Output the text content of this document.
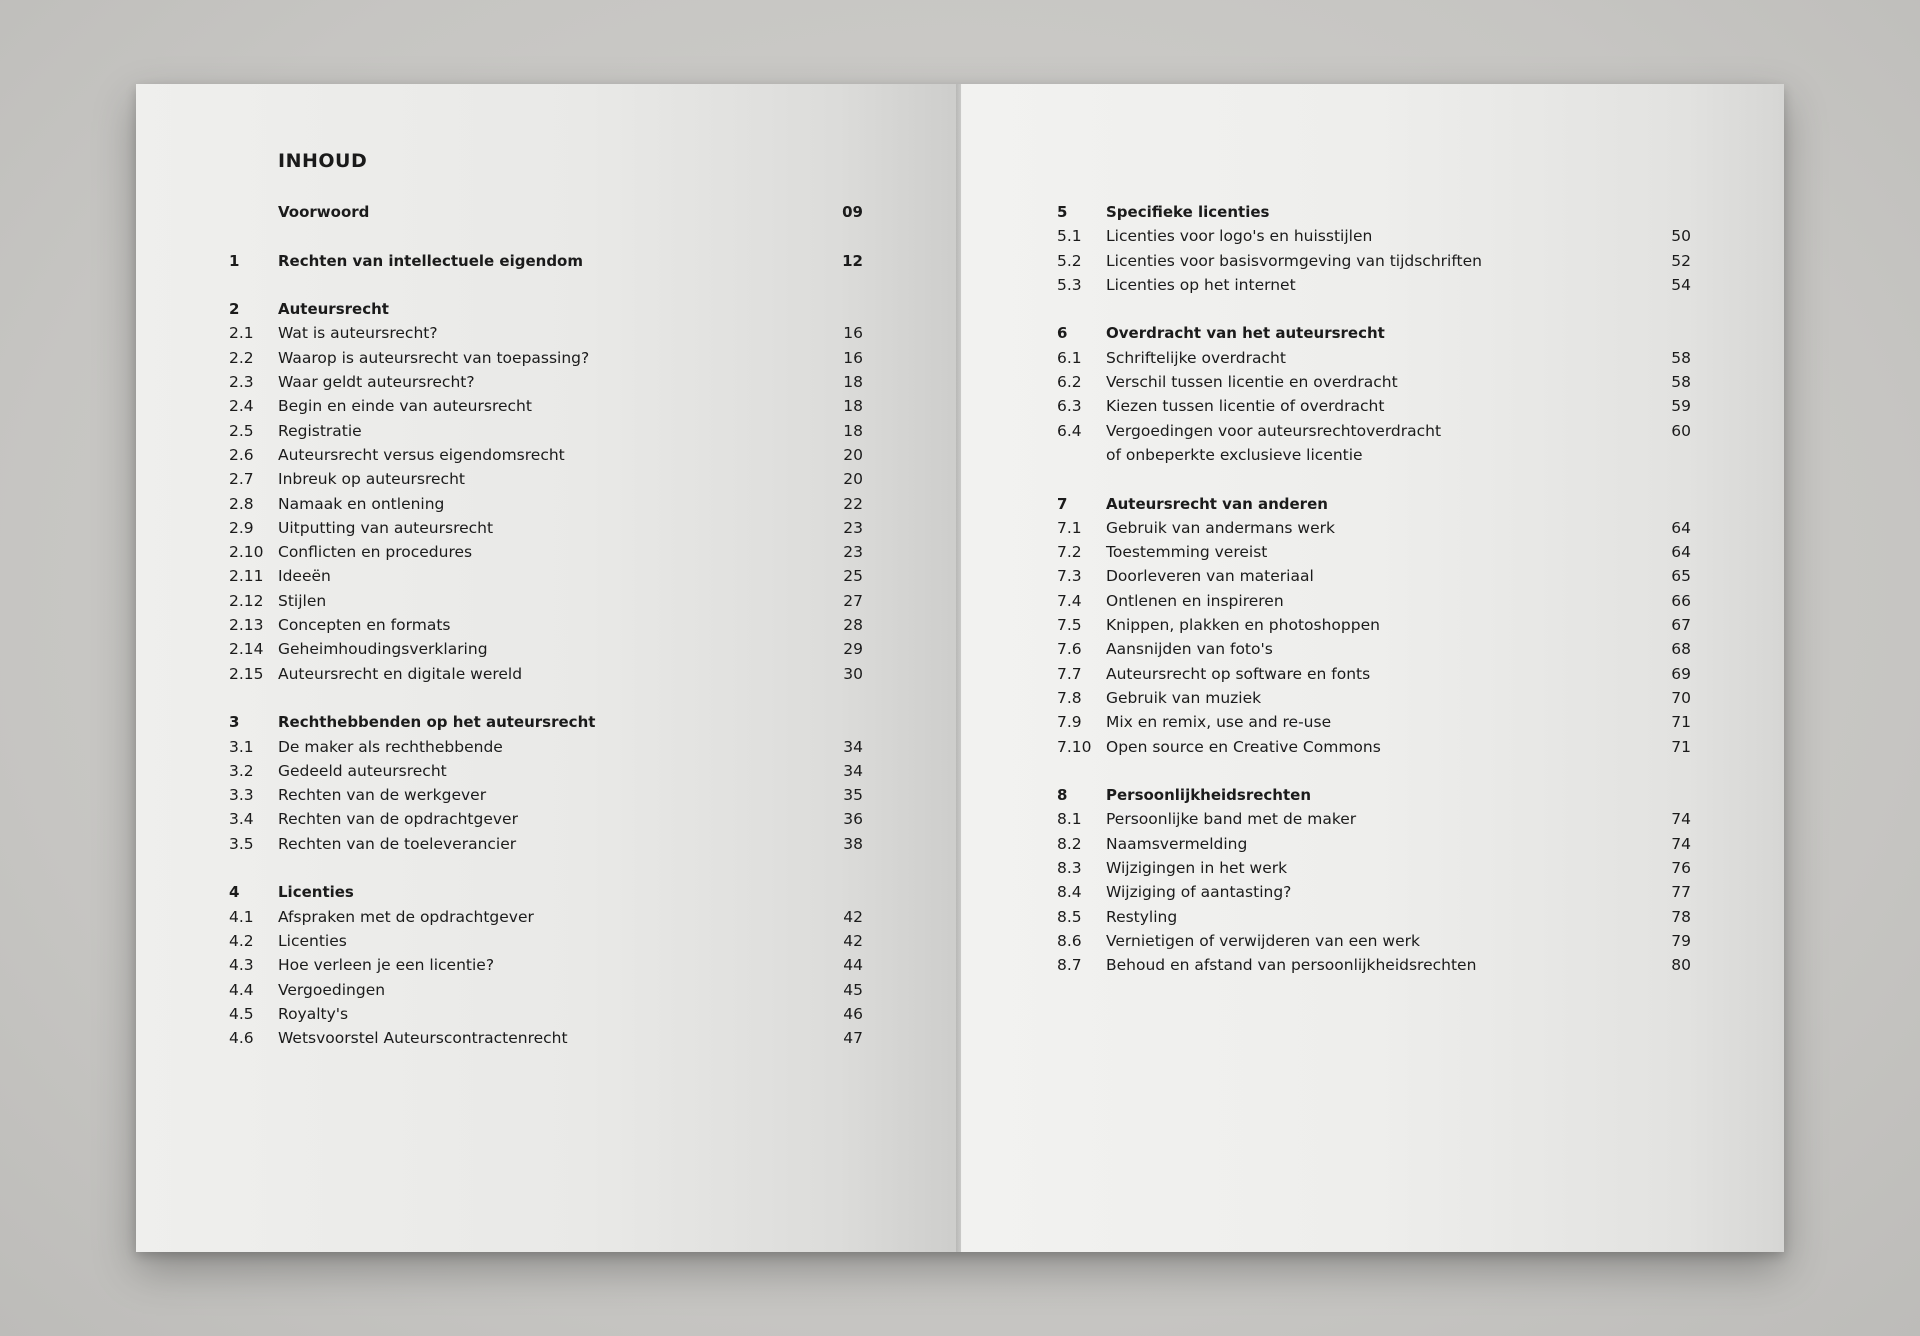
INHOUD
Voorwoord	09
1	Rechten van intellectuele eigendom	12
2	Auteursrecht
2.1 Wat is auteursrecht?	16
2.2 Waarop is auteursrecht van toepassing?	16
2.3 Waar geldt auteursrecht?	18
2.4 Begin en einde van auteursrecht	18
2.5 Registratie	18
2.6 Auteursrecht versus eigendomsrecht	20
2.7 Inbreuk op auteursrecht	20
2.8 Namaak en ontlening	22
2.9 Uitputting van auteursrecht	23
2.10 Conflicten en procedures	23
2.11 Ideeën	25
2.12 Stijlen	27
2.13 Concepten en formats	28
2.14 Geheimhoudingsverklaring	29
2.15 Auteursrecht en digitale wereld	30
3	Rechthebbenden op het auteursrecht
3.1 De maker als rechthebbende	34
3.2 Gedeeld auteursrecht	34
3.3 Rechten van de werkgever	35
3.4 Rechten van de opdrachtgever	36
3.5 Rechten van de toeleverancier	38
4	Licenties
4.1 Afspraken met de opdrachtgever	42
4.2 Licenties	42
4.3 Hoe verleen je een licentie?	44
4.4 Vergoedingen	45
4.5 Royalty's	46
4.6 Wetsvoorstel Auteurscontractenrecht	47
5	Specifieke licenties
5.1 Licenties voor logo's en huisstijlen	50
5.2 Licenties voor basisvormgeving van tijdschriften	52
5.3 Licenties op het internet	54
6	Overdracht van het auteursrecht
6.1 Schriftelijke overdracht	58
6.2 Verschil tussen licentie en overdracht	58
6.3 Kiezen tussen licentie of overdracht	59
6.4 Vergoedingen voor auteursrechtoverdracht	60
of onbeperkte exclusieve licentie
7	Auteursrecht van anderen
7.1 Gebruik van andermans werk	64
7.2 Toestemming vereist	64
7.3 Doorleveren van materiaal	65
7.4 Ontlenen en inspireren	66
7.5 Knippen, plakken en photoshoppen	67
7.6 Aansnijden van foto's	68
7.7 Auteursrecht op software en fonts	69
7.8 Gebruik van muziek	70
7.9 Mix en remix, use and re-use	71
7.10 Open source en Creative Commons	71
8	Persoonlijkheidsrechten
8.1 Persoonlijke band met de maker	74
8.2 Naamsvermelding	74
8.3 Wijzigingen in het werk	76
8.4 Wijziging of aantasting?	77
8.5 Restyling	78
8.6 Vernietigen of verwijderen van een werk	79
8.7 Behoud en afstand van persoonlijkheidsrechten	80
